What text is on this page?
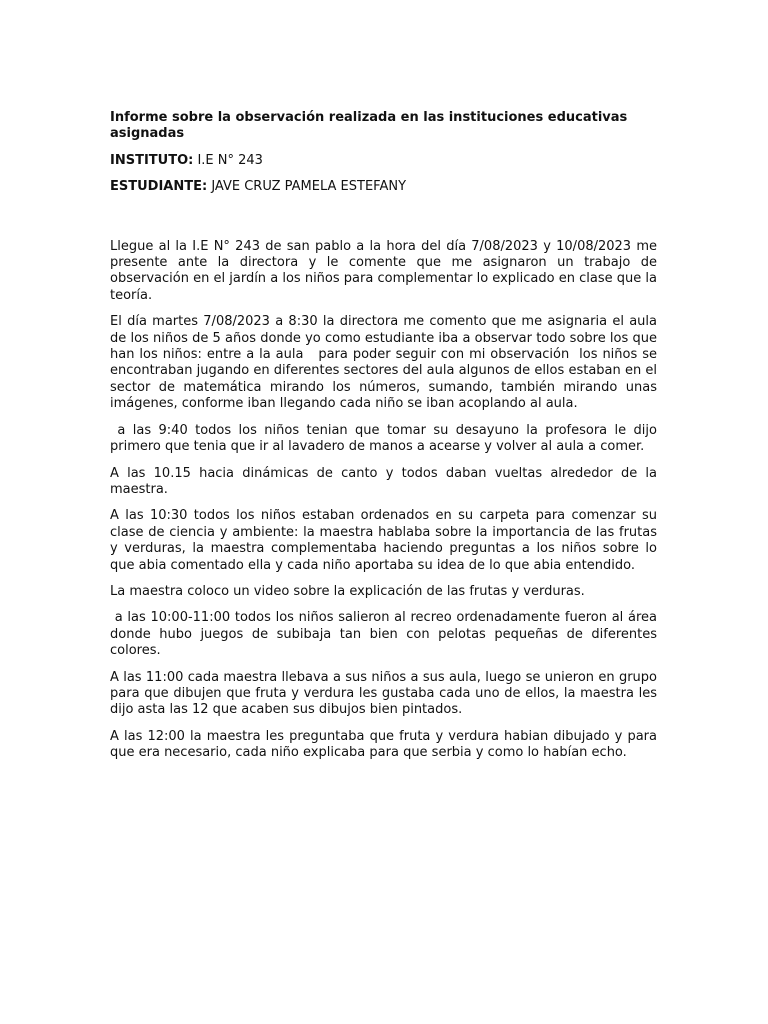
Informe sobre la observación realizada en las instituciones educativas asignadas

INSTITUTO: I.E N° 243

ESTUDIANTE: JAVE CRUZ PAMELA ESTEFANY

Llegue al la I.E N° 243 de san pablo a la hora del día 7/08/2023 y 10/08/2023 me presente ante la directora y le comente que me asignaron un trabajo de observación en el jardín a los niños para complementar lo explicado en clase que la teoría.

El día martes 7/08/2023 a 8:30 la directora me comento que me asignaria el aula de los niños de 5 años donde yo como estudiante iba a observar todo sobre los que han los niños: entre a la aula   para poder seguir con mi observación  los niños se encontraban jugando en diferentes sectores del aula algunos de ellos estaban en el sector de matemática mirando los números, sumando, también mirando unas imágenes, conforme iban llegando cada niño se iban acoplando al aula.

a las 9:40 todos los niños tenian que tomar su desayuno la profesora le dijo primero que tenia que ir al lavadero de manos a acearse y volver al aula a comer.

A las 10.15 hacia dinámicas de canto y todos daban vueltas alrededor de la maestra.

A las 10:30 todos los niños estaban ordenados en su carpeta para comenzar su clase de ciencia y ambiente: la maestra hablaba sobre la importancia de las frutas y verduras, la maestra complementaba haciendo preguntas a los niños sobre lo que abia comentado ella y cada niño aportaba su idea de lo que abia entendido.

La maestra coloco un video sobre la explicación de las frutas y verduras.

a las 10:00-11:00 todos los niños salieron al recreo ordenadamente fueron al área donde hubo juegos de subibaja tan bien con pelotas pequeñas de diferentes colores.

A las 11:00 cada maestra llebava a sus niños a sus aula, luego se unieron en grupo para que dibujen que fruta y verdura les gustaba cada uno de ellos, la maestra les dijo asta las 12 que acaben sus dibujos bien pintados.

A las 12:00 la maestra les preguntaba que fruta y verdura habian dibujado y para que era necesario, cada niño explicaba para que serbia y como lo habían echo.
